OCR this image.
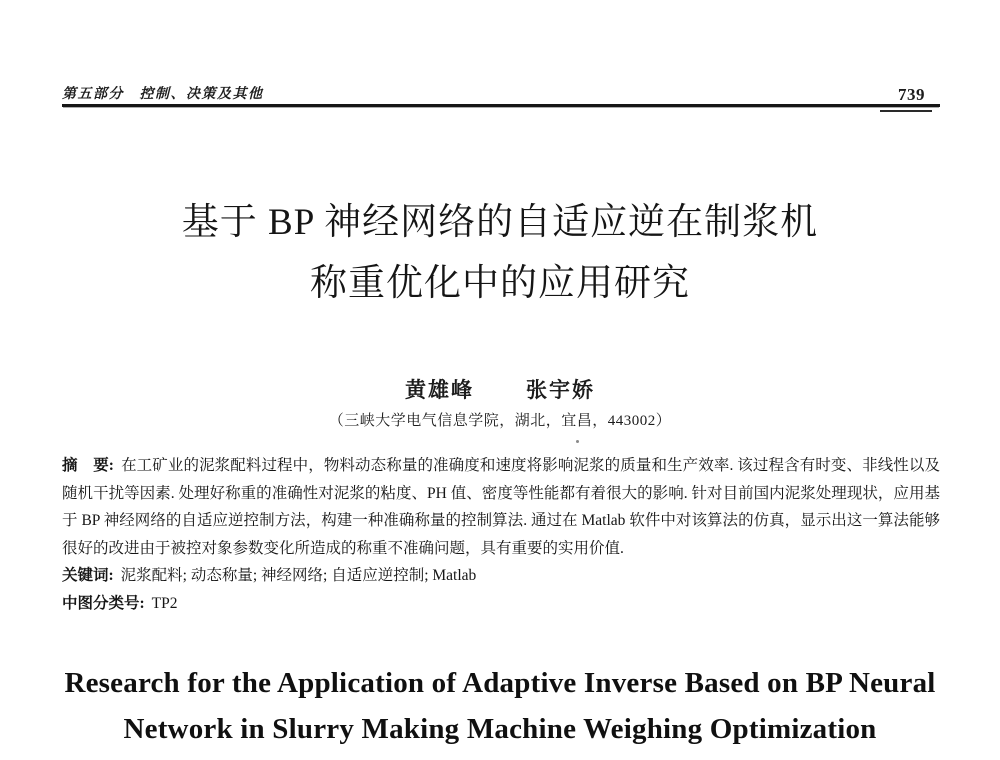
第五部分　控制、决策及其他	739
基于 BP 神经网络的自适应逆在制浆机
称重优化中的应用研究
黄雄峰 张宇娇
（三峡大学电气信息学院，湖北，宜昌，443002）

摘　要: 在工矿业的泥浆配料过程中，物料动态称量的准确度和速度将影响泥浆的质量和生产效率. 该过程含有时变、非线性以及随机干扰等因素. 处理好称重的准确性对泥浆的粘度、PH 值、密度等性能都有着很大的影响. 针对目前国内泥浆处理现状，应用基于 BP 神经网络的自适应逆控制方法，构建一种准确称量的控制算法. 通过在 Matlab 软件中对该算法的仿真，显示出这一算法能够很好的改进由于被控对象参数变化所造成的称重不准确问题，具有重要的实用价值.

关键词: 泥浆配料; 动态称量; 神经网络; 自适应逆控制; Matlab

中图分类号: TP2

Research for the Application of Adaptive Inverse Based on BP Neural
Network in Slurry Making Machine Weighing Optimization
